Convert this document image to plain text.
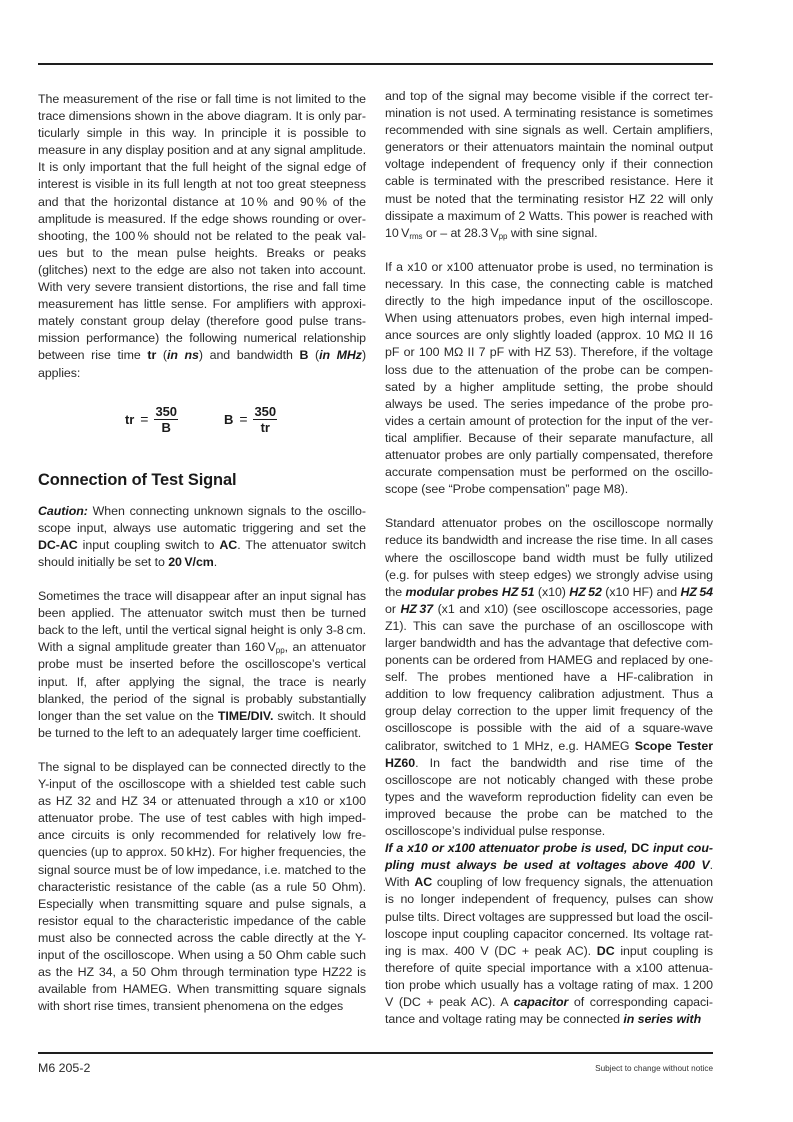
The measurement of the rise or fall time is not limited to the trace dimensions shown in the above diagram. It is only particularly simple in this way. In principle it is possible to measure in any display position and at any signal amplitude. It is only important that the full height of the signal edge of interest is visible in its full length at not too great steepness and that the horizontal distance at 10 % and 90 % of the amplitude is measured. If the edge shows rounding or overshooting, the 100 % should not be related to the peak values but to the mean pulse heights. Breaks or peaks (glitches) next to the edge are also not taken into account. With very severe transient distortions, the rise and fall time measurement has little sense. For amplifiers with approximately constant group delay (therefore good pulse transmission performance) the following numerical relationship between rise time tr (in ns) and bandwidth B (in MHz) applies:

tr = $\frac{350}{B}$	$B = \frac{350}{tr}$
Connection of Test Signal

Caution: When connecting unknown signals to the oscilloscope input, always use automatic triggering and set the DC-AC input coupling switch to AC. The attenuator switch should initially be set to 20 V/cm.

Sometimes the trace will disappear after an input signal has been applied. The attenuator switch must then be turned back to the left, until the vertical signal height is only 3-8 cm. With a signal amplitude greater than 160 $V_{pp}$, an attenuator probe must be inserted before the oscilloscope’s vertical input. If, after applying the signal, the trace is nearly blanked, the period of the signal is probably substantially longer than the set value on the TIME/DIV. switch. It should be turned to the left to an adequately larger time coefficient.

The signal to be displayed can be connected directly to the Y-input of the oscilloscope with a shielded test cable such as HZ 32 and HZ 34 or attenuated through a x10 or x100 attenuator probe. The use of test cables with high impedance circuits is only recommended for relatively low frequencies (up to approx. 50 kHz). For higher frequencies, the signal source must be of low impedance, i.e. matched to the characteristic resistance of the cable (as a rule 50 Ohm). Especially when transmitting square and pulse signals, a resistor equal to the characteristic impedance of the cable must also be connected across the cable directly at the Y-input of the oscilloscope. When using a 50 Ohm cable such as the HZ 34, a 50 Ohm through termination type HZ22 is available from HAMEG. When transmitting square signals with short rise times, transient phenomena on the edges

and top of the signal may become visible if the correct termination is not used. A terminating resistance is sometimes recommended with sine signals as well. Certain amplifiers, generators or their attenuators maintain the nominal output voltage independent of frequency only if their connection cable is terminated with the prescribed resistance. Here it must be noted that the terminating resistor HZ 22 will only dissipate a maximum of 2 Watts. This power is reached with 10 $V_{rms}$ or – at 28.3 $V_{pp}$ with sine signal.

If a x10 or x100 attenuator probe is used, no termination is necessary. In this case, the connecting cable is matched directly to the high impedance input of the oscilloscope. When using attenuators probes, even high internal impedance sources are only slightly loaded (approx. 10 MΩ II 16 pF or 100 MΩ II 7 pF with HZ 53). Therefore, if the voltage loss due to the attenuation of the probe can be compensated by a higher amplitude setting, the probe should always be used. The series impedance of the probe provides a certain amount of protection for the input of the vertical amplifier. Because of their separate manufacture, all attenuator probes are only partially compensated, therefore accurate compensation must be performed on the oscilloscope (see “Probe compensation” page M8).

Standard attenuator probes on the oscilloscope normally reduce its bandwidth and increase the rise time. In all cases where the oscilloscope band width must be fully utilized (e.g. for pulses with steep edges) we strongly advise using the modular probes HZ 51 (x10) HZ 52 (x10 HF) and HZ 54 or HZ 37 (x1 and x10) (see oscilloscope accessories, page Z1). This can save the purchase of an oscilloscope with larger bandwidth and has the advantage that defective components can be ordered from HAMEG and replaced by oneself. The probes mentioned have a HF-calibration in addition to low frequency calibration adjustment. Thus a group delay correction to the upper limit frequency of the oscilloscope is possible with the aid of a square-wave calibrator, switched to 1 MHz, e.g. HAMEG Scope Tester HZ60. In fact the bandwidth and rise time of the oscilloscope are not noticably changed with these probe types and the waveform reproduction fidelity can even be improved because the probe can be matched to the oscilloscope’s individual pulse response.

If a x10 or x100 attenuator probe is used, DC input coupling must always be used at voltages above 400 V. With AC coupling of low frequency signals, the attenuation is no longer independent of frequency, pulses can show pulse tilts. Direct voltages are suppressed but load the oscilloscope input coupling capacitor concerned. Its voltage rating is max. 400 V (DC + peak AC). DC input coupling is therefore of quite special importance with a x100 attenuation probe which usually has a voltage rating of max. 1 200 V (DC + peak AC). A capacitor of corresponding capacitance and voltage rating may be connected in series with

M6 205-2	Subject to change without notice
